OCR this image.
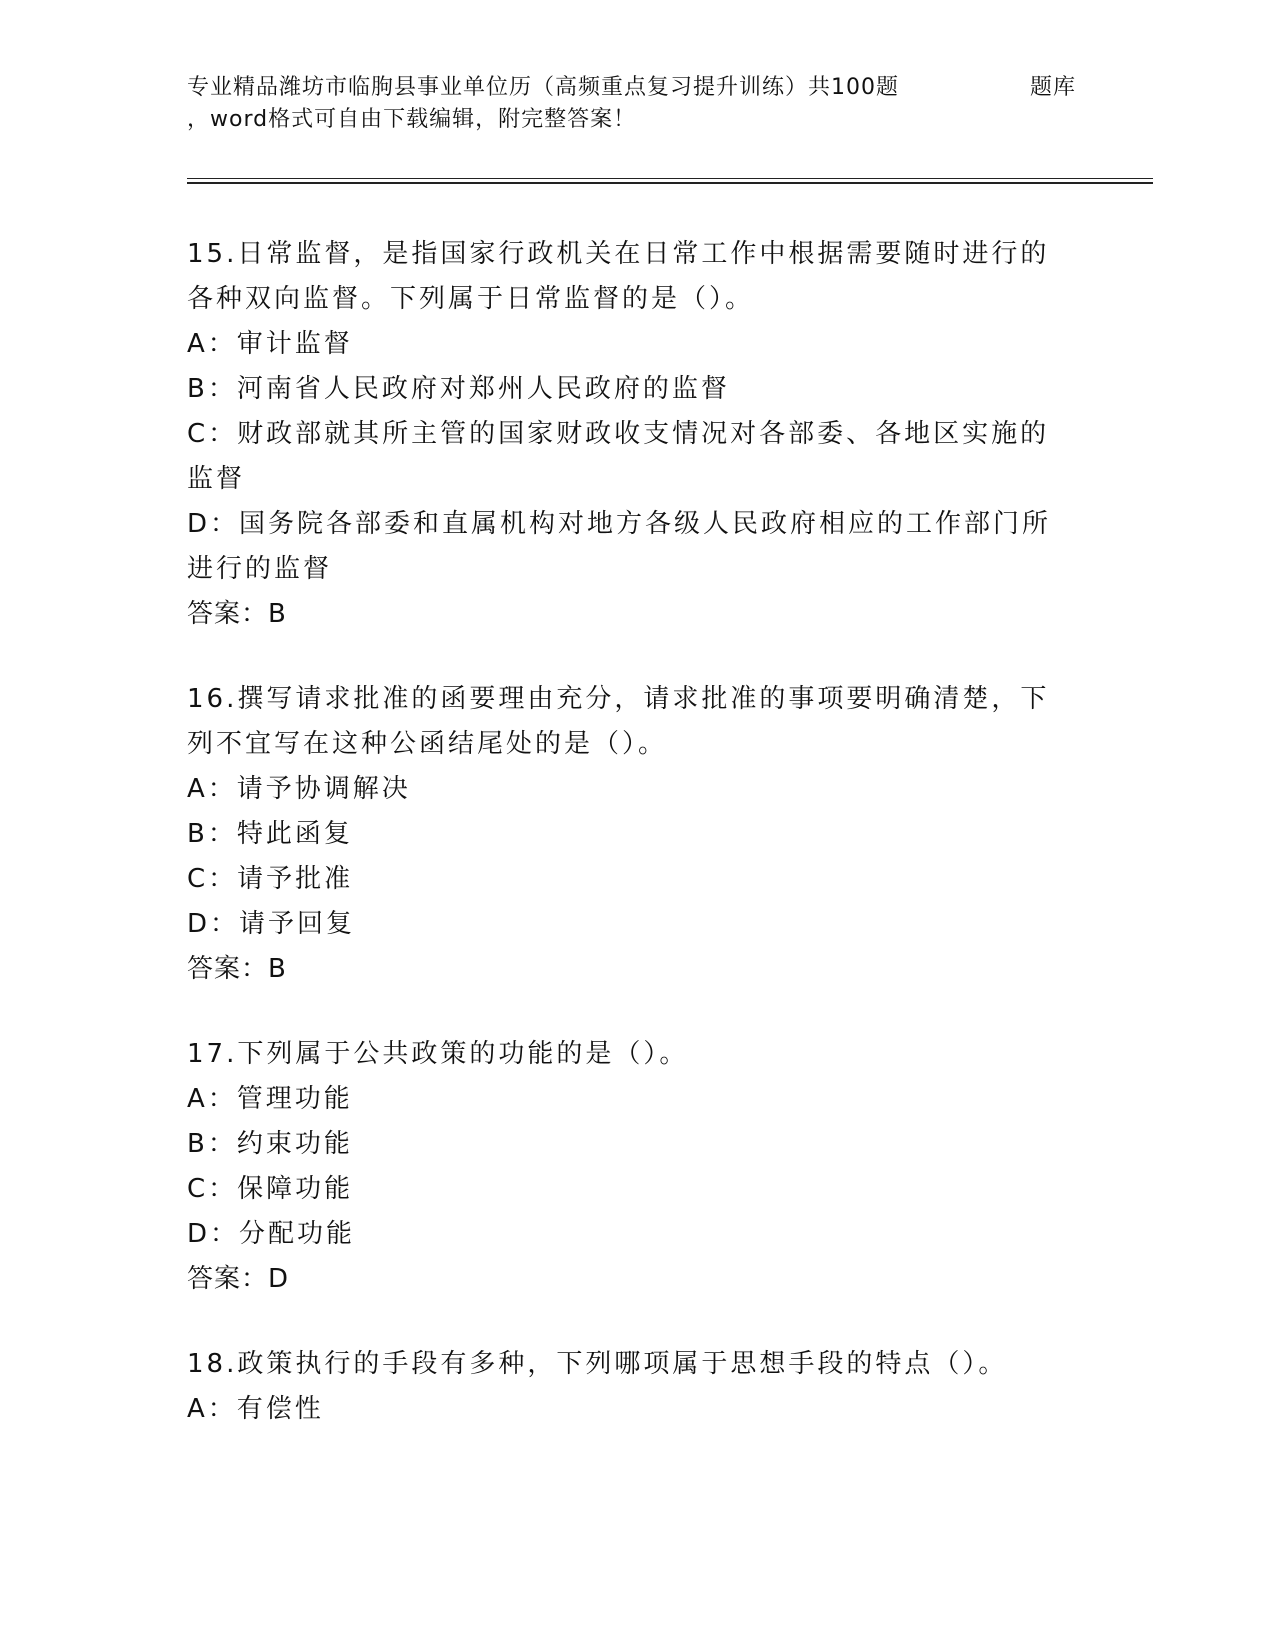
专业精品潍坊市临朐县事业单位历（高频重点复习提升训练）共100题	题库
，word格式可自由下载编辑，附完整答案！
15.日常监督，是指国家行政机关在日常工作中根据需要随时进行的各种双向监督。下列属于日常监督的是（）。
A：审计监督
B：河南省人民政府对郑州人民政府的监督
C：财政部就其所主管的国家财政收支情况对各部委、各地区实施的监督
D：国务院各部委和直属机构对地方各级人民政府相应的工作部门所进行的监督
答案：B
16.撰写请求批准的函要理由充分，请求批准的事项要明确清楚，下列不宜写在这种公函结尾处的是（）。
A：请予协调解决
B：特此函复
C：请予批准
D：请予回复
答案：B
17.下列属于公共政策的功能的是（）。
A：管理功能
B：约束功能
C：保障功能
D：分配功能
答案：D
18.政策执行的手段有多种，下列哪项属于思想手段的特点（）。
A：有偿性
